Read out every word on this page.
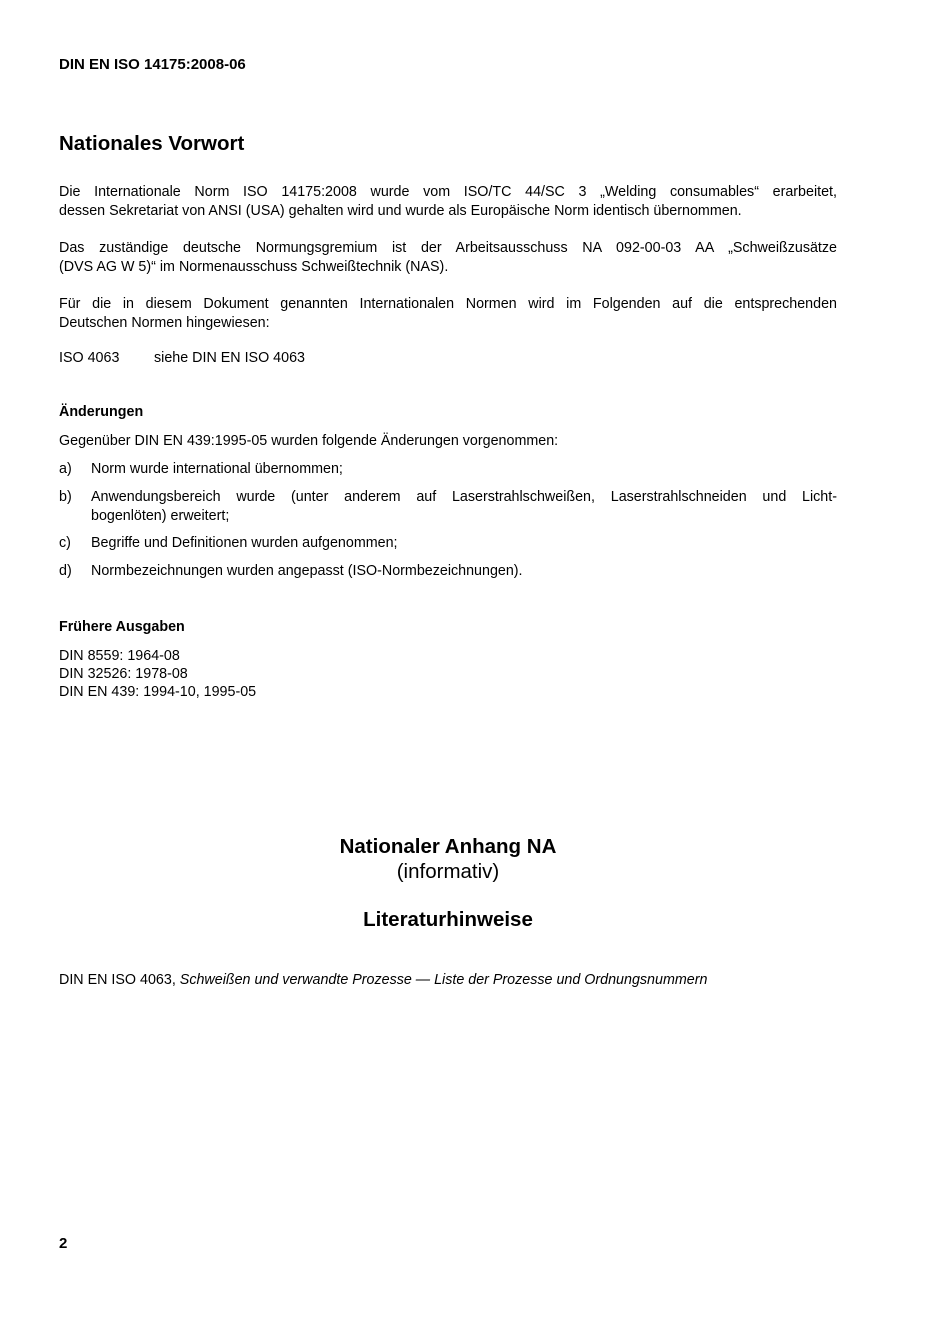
DIN EN ISO 14175:2008-06
Nationales Vorwort
Die Internationale Norm ISO 14175:2008 wurde vom ISO/TC 44/SC 3 „Welding consumables“ erarbeitet,
dessen Sekretariat von ANSI (USA) gehalten wird und wurde als Europäische Norm identisch übernommen.
Das zuständige deutsche Normungsgremium ist der Arbeitsausschuss NA 092-00-03 AA „Schweißzusätze
(DVS AG W 5)“ im Normenausschuss Schweißtechnik (NAS).
Für die in diesem Dokument genannten Internationalen Normen wird im Folgenden auf die entsprechenden
Deutschen Normen hingewiesen:
ISO 4063 siehe DIN EN ISO 4063
Änderungen
Gegenüber DIN EN 439:1995-05 wurden folgende Änderungen vorgenommen:
a) Norm wurde international übernommen;
b) Anwendungsbereich wurde (unter anderem auf Laserstrahlschweißen, Laserstrahlschneiden und Licht-
bogenlöten) erweitert;
c) Begriffe und Definitionen wurden aufgenommen;
d) Normbezeichnungen wurden angepasst (ISO-Normbezeichnungen).
Frühere Ausgaben
DIN 8559: 1964-08
DIN 32526: 1978-08
DIN EN 439: 1994-10, 1995-05
Nationaler Anhang NA
(informativ)
Literaturhinweise
DIN EN ISO 4063, Schweißen und verwandte Prozesse — Liste der Prozesse und Ordnungsnummern
2
